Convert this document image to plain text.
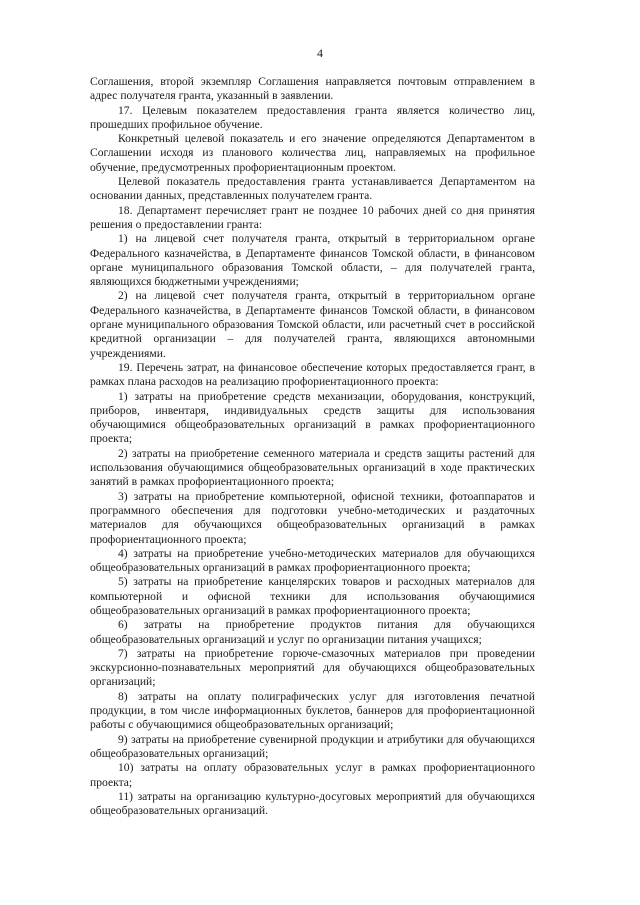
4

Соглашения, второй экземпляр Соглашения направляется почтовым отправлением в адрес получателя гранта, указанный в заявлении.

17. Целевым показателем предоставления гранта является количество лиц, прошедших профильное обучение.

Конкретный целевой показатель и его значение определяются Департаментом в Соглашении исходя из планового количества лиц, направляемых на профильное обучение, предусмотренных профориентационным проектом.

Целевой показатель предоставления гранта устанавливается Департаментом на основании данных, представленных получателем гранта.

18. Департамент перечисляет грант не позднее 10 рабочих дней со дня принятия решения о предоставлении гранта:

1) на лицевой счет получателя гранта, открытый в территориальном органе Федерального казначейства, в Департаменте финансов Томской области, в финансовом органе муниципального образования Томской области, – для получателей гранта, являющихся бюджетными учреждениями;

2) на лицевой счет получателя гранта, открытый в территориальном органе Федерального казначейства, в Департаменте финансов Томской области, в финансовом органе муниципального образования Томской области, или расчетный счет в российской кредитной организации – для получателей гранта, являющихся автономными учреждениями.

19. Перечень затрат, на финансовое обеспечение которых предоставляется грант, в рамках плана расходов на реализацию профориентационного проекта:

1) затраты на приобретение средств механизации, оборудования, конструкций, приборов, инвентаря, индивидуальных средств защиты для использования обучающимися общеобразовательных организаций в рамках профориентационного проекта;

2) затраты на приобретение семенного материала и средств защиты растений для использования обучающимися общеобразовательных организаций в ходе практических занятий в рамках профориентационного проекта;

3) затраты на приобретение компьютерной, офисной техники, фотоаппаратов и программного обеспечения для подготовки учебно-методических и раздаточных материалов для обучающихся общеобразовательных организаций в рамках профориентационного проекта;

4) затраты на приобретение учебно-методических материалов для обучающихся общеобразовательных организаций в рамках профориентационного проекта;

5) затраты на приобретение канцелярских товаров и расходных материалов для компьютерной и офисной техники для использования обучающимися общеобразовательных организаций в рамках профориентационного проекта;

6) затраты на приобретение продуктов питания для обучающихся общеобразовательных организаций и услуг по организации питания учащихся;

7) затраты на приобретение горюче-смазочных материалов при проведении экскурсионно-познавательных мероприятий для обучающихся общеобразовательных организаций;

8) затраты на оплату полиграфических услуг для изготовления печатной продукции, в том числе информационных буклетов, баннеров для профориентационной работы с обучающимися общеобразовательных организаций;

9) затраты на приобретение сувенирной продукции и атрибутики для обучающихся общеобразовательных организаций;

10) затраты на оплату образовательных услуг в рамках профориентационного проекта;

11) затраты на организацию культурно-досуговых мероприятий для обучающихся общеобразовательных организаций.
